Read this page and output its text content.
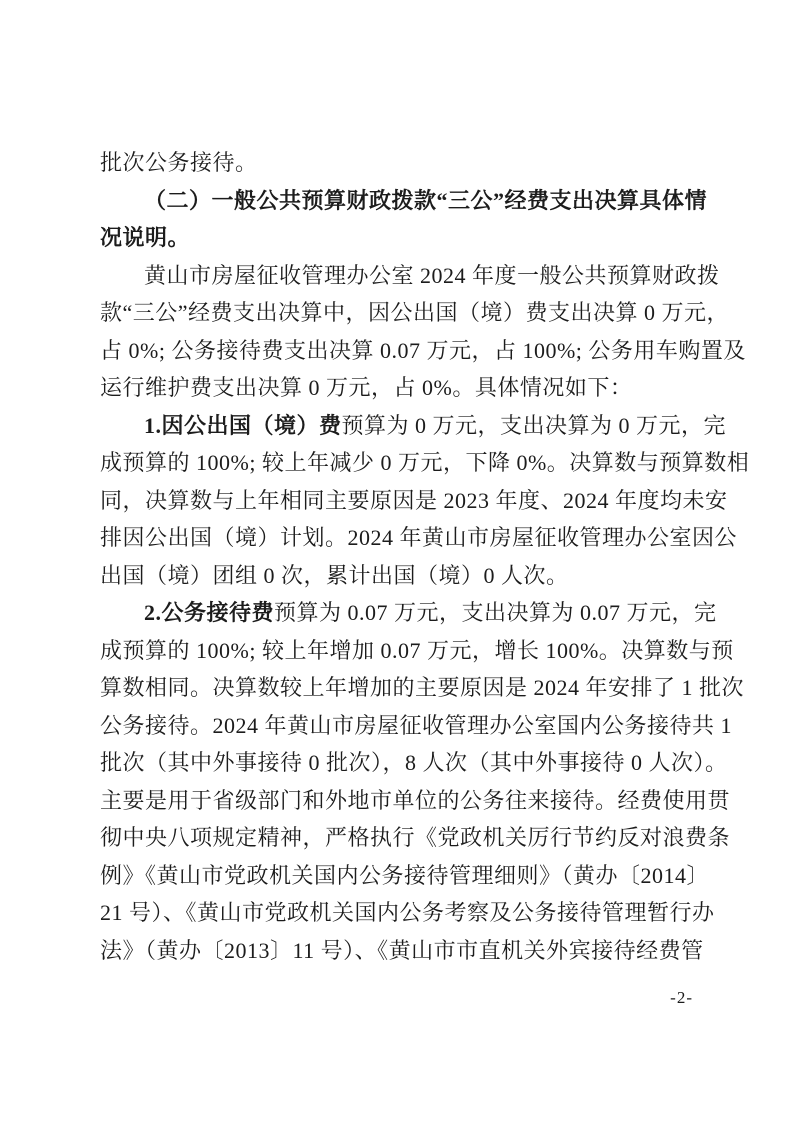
批次公务接待。
（二）一般公共预算财政拨款“三公”经费支出决算具体情
况说明。
黄山市房屋征收管理办公室 2024 年度一般公共预算财政拨
款“三公”经费支出决算中，因公出国（境）费支出决算 0 万元，
占 0%; 公务接待费支出决算 0.07 万元，占 100%; 公务用车购置及
运行维护费支出决算 0 万元，占 0%。具体情况如下：
1.因公出国（境）费预算为 0 万元，支出决算为 0 万元，完
成预算的 100%; 较上年减少 0 万元，下降 0%。决算数与预算数相
同，决算数与上年相同主要原因是 2023 年度、2024 年度均未安
排因公出国（境）计划。2024 年黄山市房屋征收管理办公室因公
出国（境）团组 0 次，累计出国（境）0 人次。
2.公务接待费预算为 0.07 万元，支出决算为 0.07 万元，完
成预算的 100%; 较上年增加 0.07 万元，增长 100%。决算数与预
算数相同。决算数较上年增加的主要原因是 2024 年安排了 1 批次
公务接待。2024 年黄山市房屋征收管理办公室国内公务接待共 1
批次（其中外事接待 0 批次），8 人次（其中外事接待 0 人次）。
主要是用于省级部门和外地市单位的公务往来接待。经费使用贯
彻中央八项规定精神，严格执行《党政机关厉行节约反对浪费条
例》《黄山市党政机关国内公务接待管理细则》（黄办〔2014〕
21 号）、《黄山市党政机关国内公务考察及公务接待管理暂行办
法》（黄办〔2013〕11 号）、《黄山市市直机关外宾接待经费管
-2-
